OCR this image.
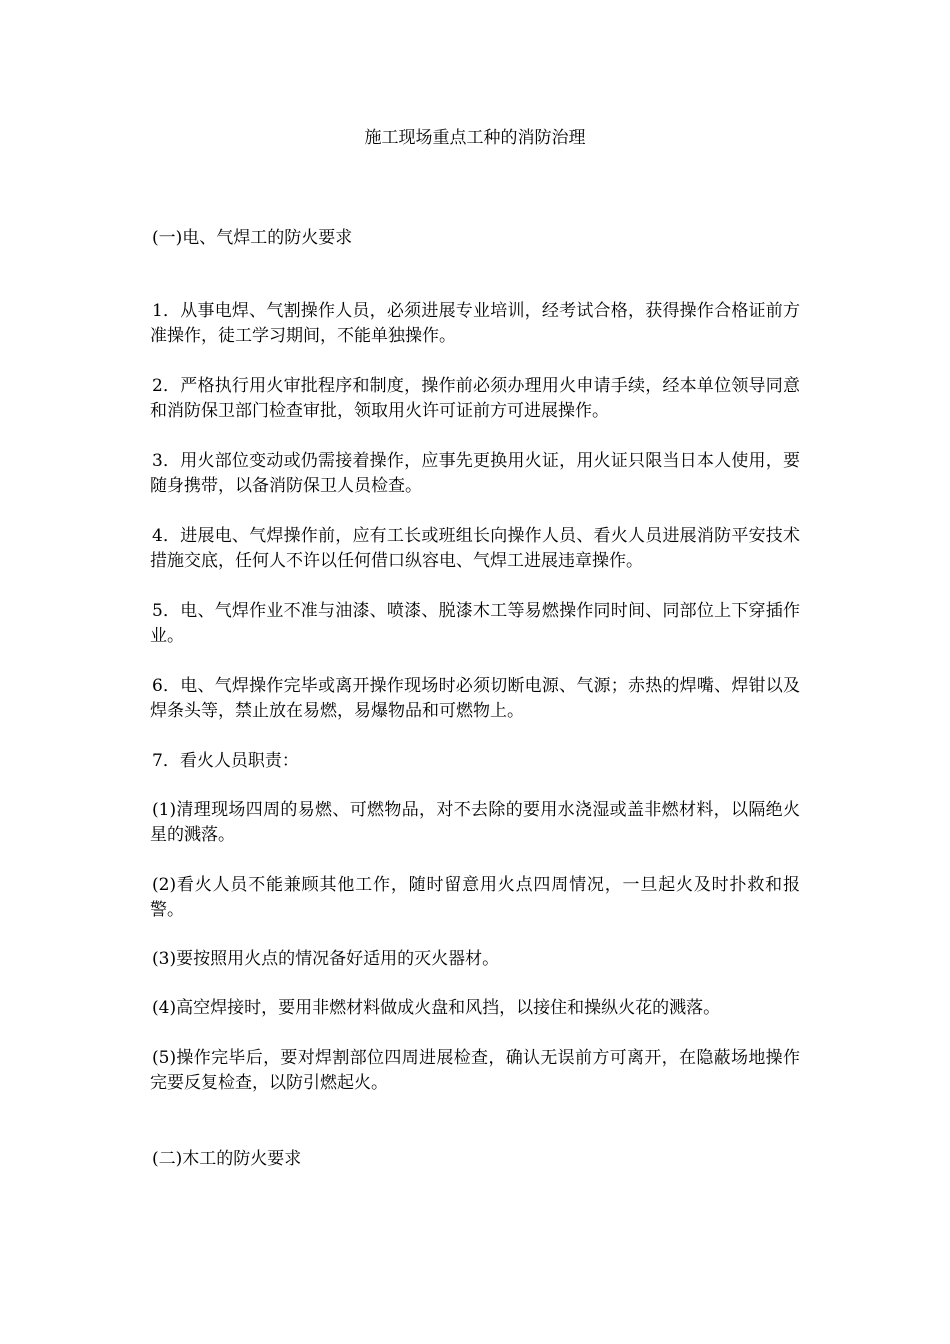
施工现场重点工种的消防治理
(一)电、气焊工的防火要求
1．从事电焊、气割操作人员，必须进展专业培训，经考试合格，获得操作合格证前方准操作，徒工学习期间，不能单独操作。
2．严格执行用火审批程序和制度，操作前必须办理用火申请手续，经本单位领导同意和消防保卫部门检查审批，领取用火许可证前方可进展操作。
3．用火部位变动或仍需接着操作，应事先更换用火证，用火证只限当日本人使用，要随身携带，以备消防保卫人员检查。
4．进展电、气焊操作前，应有工长或班组长向操作人员、看火人员进展消防平安技术措施交底，任何人不许以任何借口纵容电、气焊工进展违章操作。
5．电、气焊作业不准与油漆、喷漆、脱漆木工等易燃操作同时间、同部位上下穿插作业。
6．电、气焊操作完毕或离开操作现场时必须切断电源、气源；赤热的焊嘴、焊钳以及焊条头等，禁止放在易燃，易爆物品和可燃物上。
7．看火人员职责：
(1)清理现场四周的易燃、可燃物品，对不去除的要用水浇湿或盖非燃材料，以隔绝火星的溅落。
(2)看火人员不能兼顾其他工作，随时留意用火点四周情况，一旦起火及时扑救和报警。
(3)要按照用火点的情况备好适用的灭火器材。
(4)高空焊接时，要用非燃材料做成火盘和风挡，以接住和操纵火花的溅落。
(5)操作完毕后，要对焊割部位四周进展检查，确认无误前方可离开，在隐蔽场地操作完要反复检查，以防引燃起火。
(二)木工的防火要求
